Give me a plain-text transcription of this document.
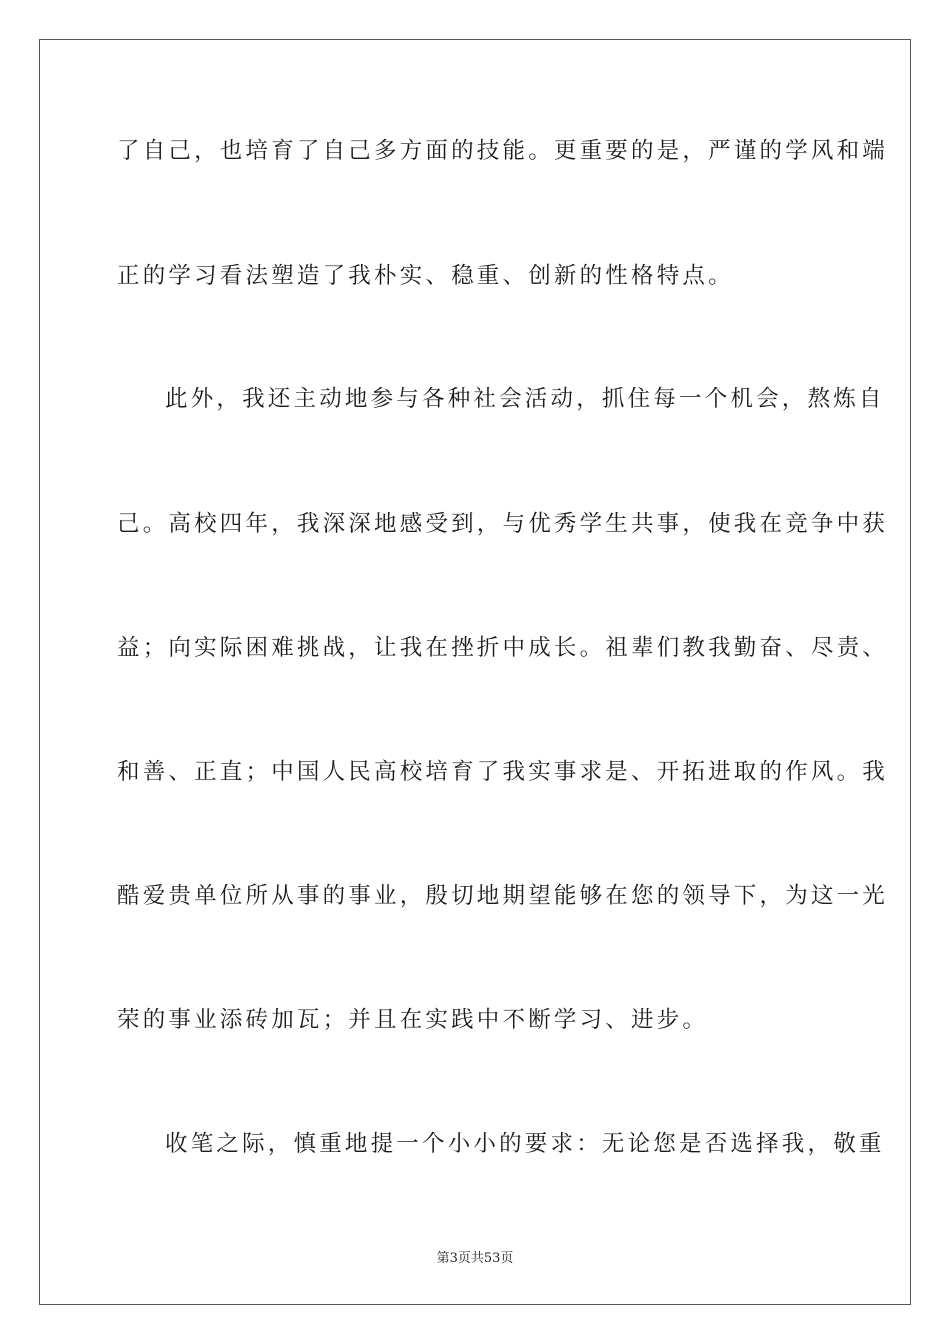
了自己，也培育了自己多方面的技能。更重要的是，严谨的学风和端
正的学习看法塑造了我朴实、稳重、创新的性格特点。
此外，我还主动地参与各种社会活动，抓住每一个机会，熬炼自
己。高校四年，我深深地感受到，与优秀学生共事，使我在竞争中获
益；向实际困难挑战，让我在挫折中成长。祖辈们教我勤奋、尽责、
和善、正直；中国人民高校培育了我实事求是、开拓进取的作风。我
酷爱贵单位所从事的事业，殷切地期望能够在您的领导下，为这一光
荣的事业添砖加瓦；并且在实践中不断学习、进步。
收笔之际，慎重地提一个小小的要求：无论您是否选择我，敬重
第3页共53页
